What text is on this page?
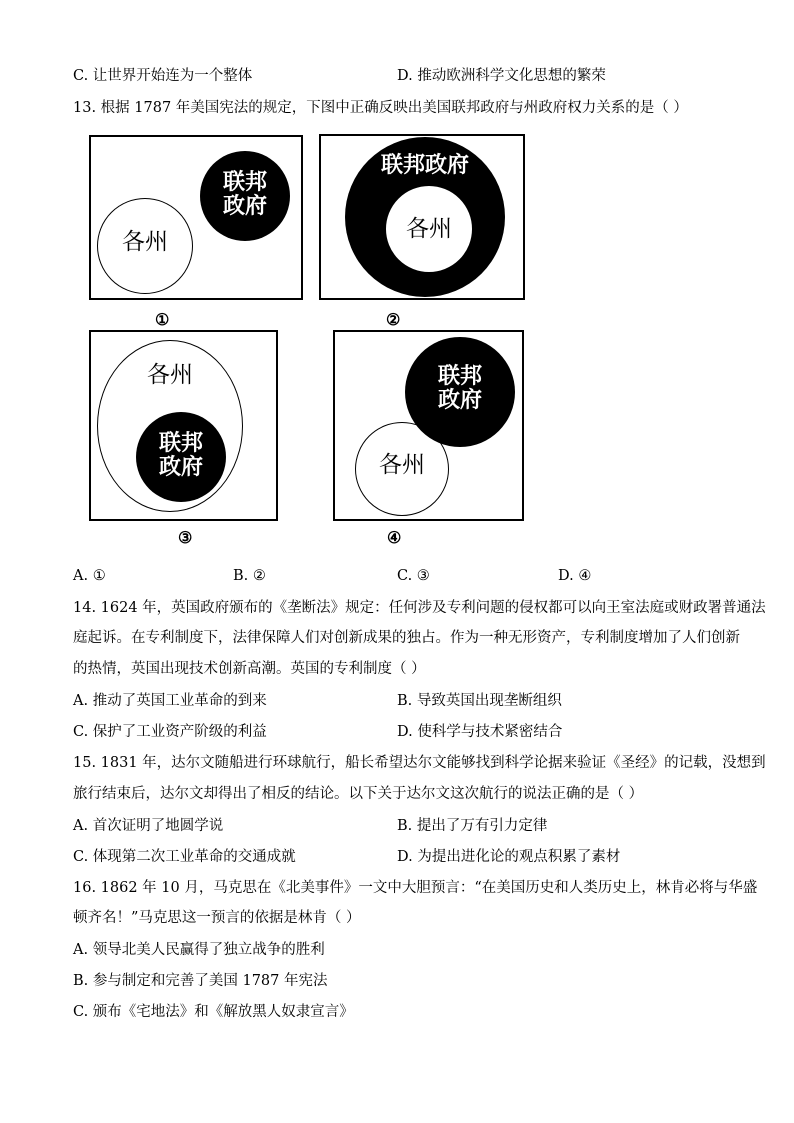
C. 让世界开始连为一个整体	D. 推动欧洲科学文化思想的繁荣
13. 根据 1787 年美国宪法的规定，下图中正确反映出美国联邦政府与州政府权力关系的是（ ）
各州
联邦
政府
①
联邦政府
各州
②
各州
联邦
政府
③
各州
联邦
政府
④
A. ①	B. ②	C. ③	D. ④
14. 1624 年，英国政府颁布的《垄断法》规定：任何涉及专利问题的侵权都可以向王室法庭或财政署普通法
庭起诉。在专利制度下，法律保障人们对创新成果的独占。作为一种无形资产，专利制度增加了人们创新
的热情，英国出现技术创新高潮。英国的专利制度（ ）
A. 推动了英国工业革命的到来	B. 导致英国出现垄断组织
C. 保护了工业资产阶级的利益	D. 使科学与技术紧密结合
15. 1831 年，达尔文随船进行环球航行，船长希望达尔文能够找到科学论据来验证《圣经》的记载，没想到
旅行结束后，达尔文却得出了相反的结论。以下关于达尔文这次航行的说法正确的是（ ）
A. 首次证明了地圆学说	B. 提出了万有引力定律
C. 体现第二次工业革命的交通成就	D. 为提出进化论的观点积累了素材
16. 1862 年 10 月，马克思在《北美事件》一文中大胆预言：“在美国历史和人类历史上，林肯必将与华盛
顿齐名！”马克思这一预言的依据是林肯（ ）
A. 领导北美人民赢得了独立战争的胜利
B. 参与制定和完善了美国 1787 年宪法
C. 颁布《宅地法》和《解放黑人奴隶宣言》
